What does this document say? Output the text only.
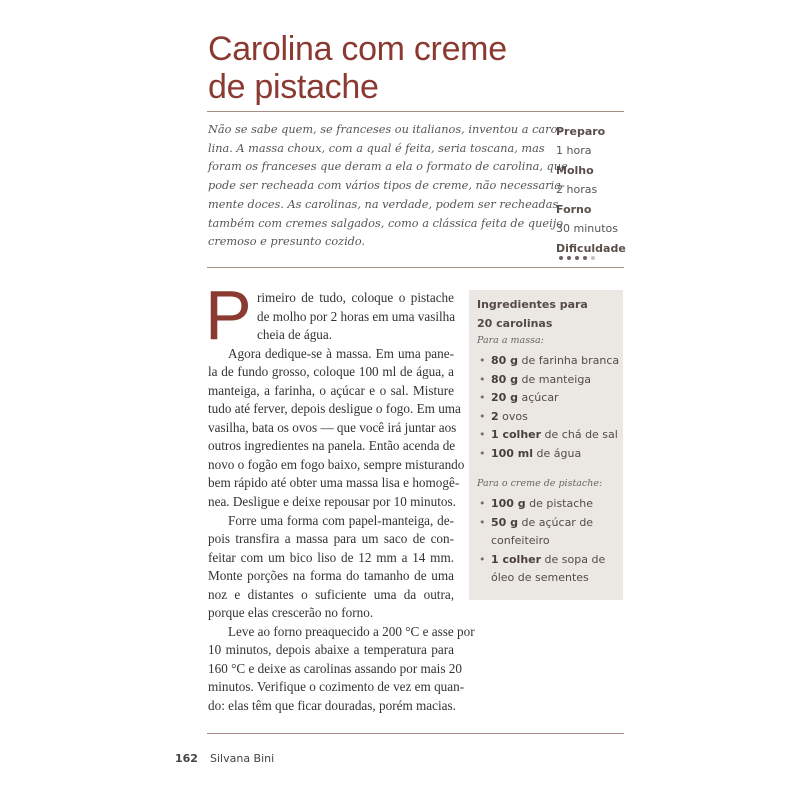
Carolina com creme
de pistache
Não se sabe quem, se franceses ou italianos, inventou a caro-
lina. A massa choux, com a qual é feita, seria toscana, mas
foram os franceses que deram a ela o formato de carolina, que
pode ser recheada com vários tipos de creme, não necessaria-
mente doces. As carolinas, na verdade, podem ser recheadas
também com cremes salgados, como a clássica feita de queijo
cremoso e presunto cozido.
Preparo
1 hora
Molho
2 horas
Forno
30 minutos
Dificuldade
P rimeiro de tudo, coloque o pistache
de molho por 2 horas em uma vasilha
cheia de água.
Agora dedique-se à massa. Em uma pane-
la de fundo grosso, coloque 100 ml de água, a
manteiga, a farinha, o açúcar e o sal. Misture
tudo até ferver, depois desligue o fogo. Em uma
vasilha, bata os ovos — que você irá juntar aos
outros ingredientes na panela. Então acenda de
novo o fogão em fogo baixo, sempre misturando
bem rápido até obter uma massa lisa e homogê-
nea. Desligue e deixe repousar por 10 minutos.
Forre uma forma com papel-manteiga, de-
pois transfira a massa para um saco de con-
feitar com um bico liso de 12 mm a 14 mm.
Monte porções na forma do tamanho de uma
noz e distantes o suficiente uma da outra,
porque elas crescerão no forno.
Leve ao forno preaquecido a 200 °C e asse por
10 minutos, depois abaixe a temperatura para
160 °C e deixe as carolinas assando por mais 20
minutos. Verifique o cozimento de vez em quan-
do: elas têm que ficar douradas, porém macias.
Ingredientes para
20 carolinas
Para a massa:
• 80 g de farinha branca
• 80 g de manteiga
• 20 g açúcar
• 2 ovos
• 1 colher de chá de sal
• 100 ml de água
Para o creme de pistache:
• 100 g de pistache
• 50 g de açúcar de confeiteiro
• 1 colher de sopa de óleo de sementes
162 Silvana Bini
